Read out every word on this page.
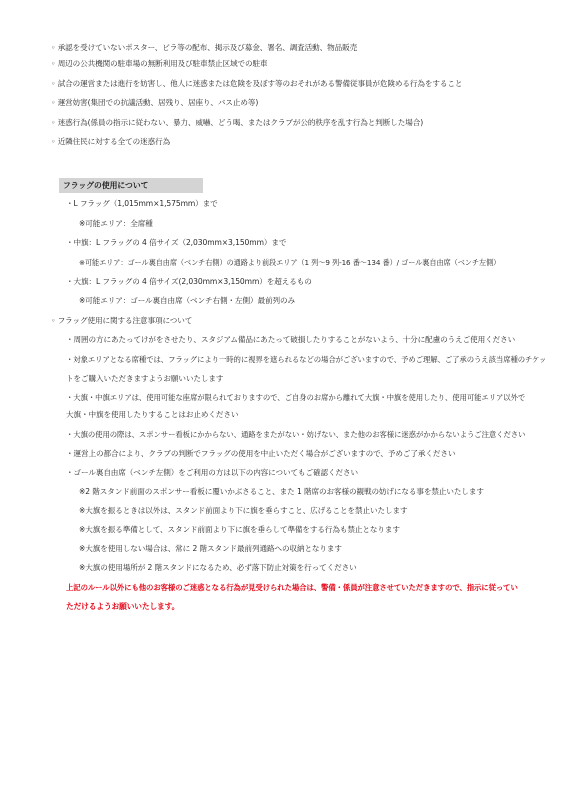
◦ 承認を受けていないポスター、ビラ等の配布、掲示及び募金、署名、調査活動、物品販売
◦ 周辺の公共機関の駐車場の無断利用及び駐車禁止区域での駐車
◦ 試合の運営または進行を妨害し、他人に迷惑または危険を及ぼす等のおそれがある警備従事員が危険める行為をすること
◦ 運営妨害(集団での抗議活動、居残り、居座り、バス止め等)
◦ 迷惑行為(係員の指示に従わない、暴力、威嚇、どう喝、またはクラブが公的秩序を乱す行為と判断した場合)
◦ 近隣住民に対する全ての迷惑行為
フラッグの使用について
・L フラッグ（1,015mm×1,575mm）まで
※可能エリア：全席種
・中旗：L フラッグの 4 倍サイズ（2,030mm×3,150mm）まで
※可能エリア：ゴール裏自由席（ベンチ右側）の通路より前段エリア（1 列～9 列-16 番～134 番）/ ゴール裏自由席（ベンチ左側）
・大旗：L フラッグの 4 倍サイズ(2,030mm×3,150mm）を超えるもの
※可能エリア：ゴール裏自由席（ベンチ右側・左側）最前列のみ
◦ フラッグ使用に関する注意事項について
・周囲の方にあたってけがをさせたり、スタジアム備品にあたって破損したりすることがないよう、十分に配慮のうえご使用ください
・対象エリアとなる席種では、フラッグにより一時的に視界を遮られるなどの場合がございますので、予めご理解、ご了承のうえ該当席種のチケッ
トをご購入いただきますようお願いいたします
・大旗・中旗エリアは、使用可能な座席が限られておりますので、ご自身のお席から離れて大旗・中旗を使用したり、使用可能エリア以外で
大旗・中旗を使用したりすることはお止めください
・大旗の使用の際は、スポンサー看板にかからない、通路をまたがない・妨げない、また他のお客様に迷惑がかからないようご注意ください
・運営上の都合により、クラブの判断でフラッグの使用を中止いただく場合がございますので、予めご了承ください
・ゴール裏自由席（ベンチ左側）をご利用の方は以下の内容についてもご確認ください
※2 階スタンド前面のスポンサー看板に覆いかぶさること、また 1 階席のお客様の観戦の妨げになる事を禁止いたします
※大旗を振るときは以外は、スタンド前面より下に旗を垂らすこと、広げることを禁止いたします
※大旗を振る準備として、スタンド前面より下に旗を垂らして準備をする行為も禁止となります
※大旗を使用しない場合は、常に 2 階スタンド最前列通路への収納となります
※大旗の使用場所が 2 階スタンドになるため、必ず落下防止対策を行ってください
上記のルール以外にも他のお客様のご迷惑となる行為が見受けられた場合は、警備・係員が注意させていただきますので、指示に従ってい
ただけるようお願いいたします。
